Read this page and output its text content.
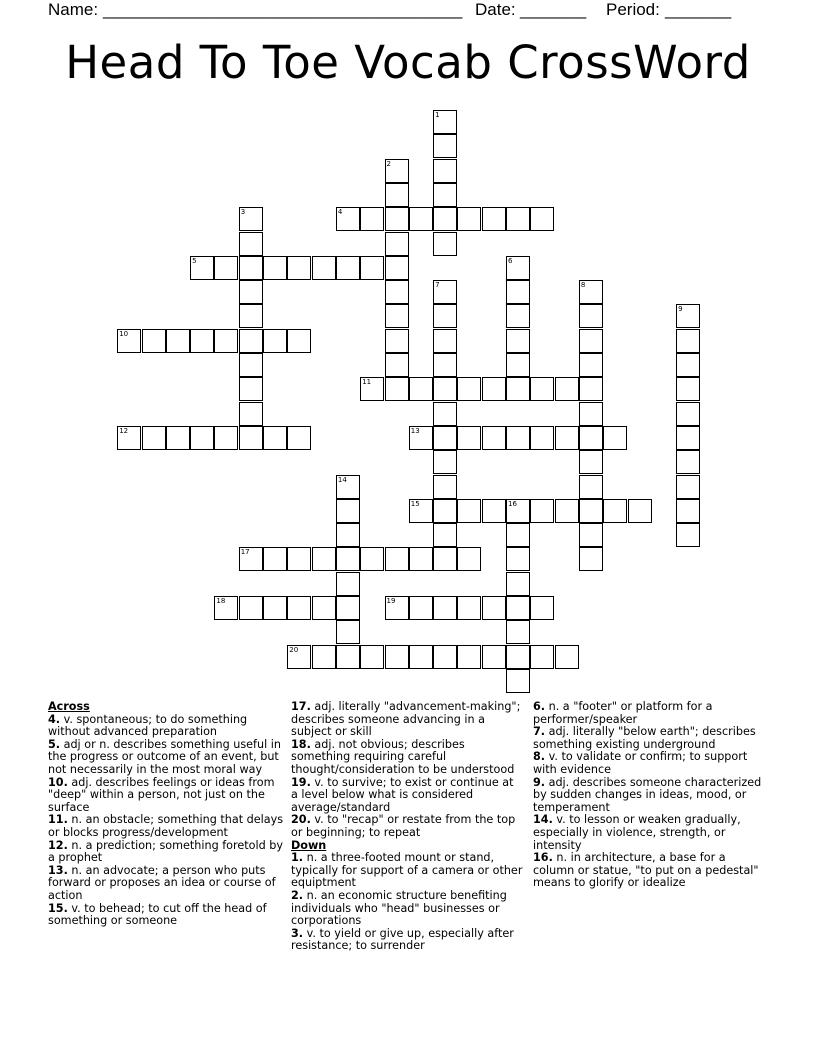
Name: ______________________________________ Date: _______ Period: _______
Head To Toe Vocab CrossWord
1
2
3	4
5	6
7	8
9
10
11
12	13
14
15	16
17
18	19
20
Across
4. v. spontaneous; to do something without advanced preparation
5. adj or n. describes something useful in the progress or outcome of an event, but not necessarily in the most moral way
10. adj. describes feelings or ideas from "deep" within a person, not just on the surface
11. n. an obstacle; something that delays or blocks progress/development
12. n. a prediction; something foretold by a prophet
13. n. an advocate; a person who puts forward or proposes an idea or course of action
15. v. to behead; to cut off the head of something or someone
17. adj. literally "advancement-making"; describes someone advancing in a subject or skill
18. adj. not obvious; describes something requiring careful thought/consideration to be understood
19. v. to survive; to exist or continue at a level below what is considered average/standard
20. v. to "recap" or restate from the top or beginning; to repeat
Down
1. n. a three-footed mount or stand, typically for support of a camera or other equiptment
2. n. an economic structure benefiting individuals who "head" businesses or corporations
3. v. to yield or give up, especially after resistance; to surrender
6. n. a "footer" or platform for a performer/speaker
7. adj. literally "below earth"; describes something existing underground
8. v. to validate or confirm; to support with evidence
9. adj. describes someone characterized by sudden changes in ideas, mood, or temperament
14. v. to lesson or weaken gradually, especially in violence, strength, or intensity
16. n. in architecture, a base for a column or statue, "to put on a pedestal" means to glorify or idealize
